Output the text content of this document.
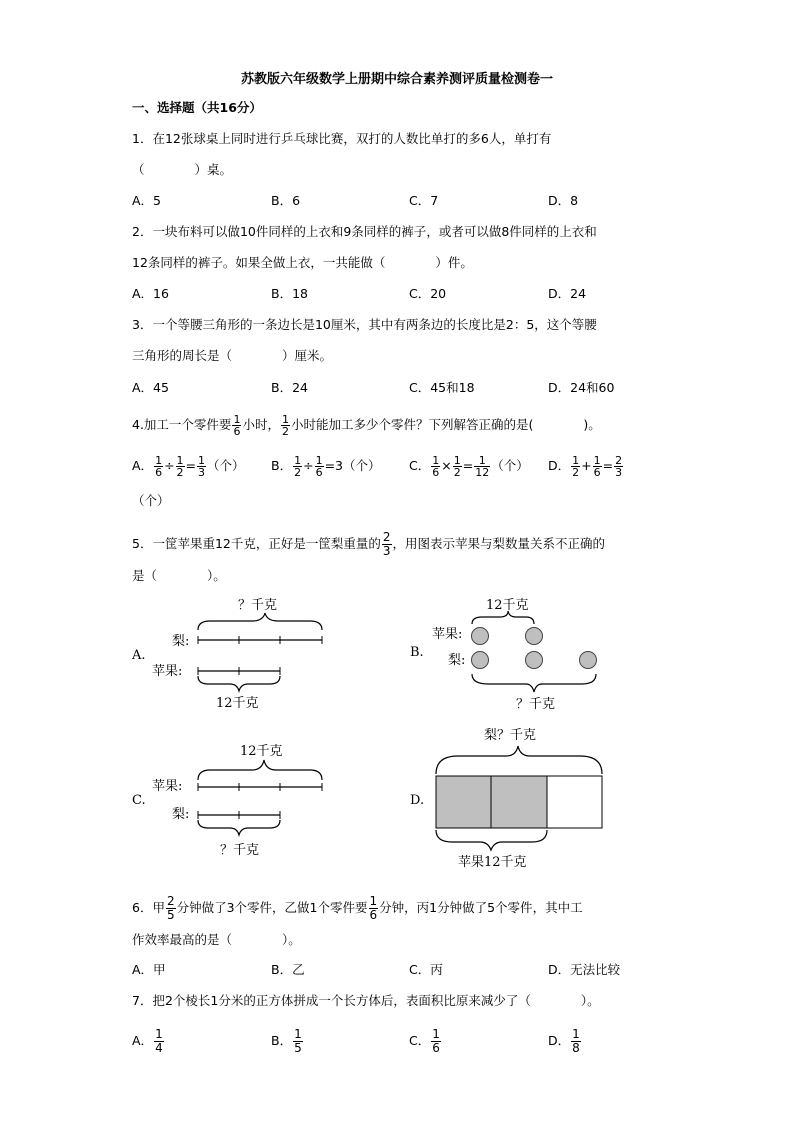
苏教版六年级数学上册期中综合素养测评质量检测卷一
一、选择题（共16分）
1．在12张球桌上同时进行乒乓球比赛，双打的人数比单打的多6人，单打有
（　　　　）桌。
A．5	B．6	C．7	D．8
2．一块布料可以做10件同样的上衣和9条同样的裤子，或者可以做8件同样的上衣和
12条同样的裤子。如果全做上衣，一共能做（　　　　）件。
A．16	B．18	C．20	D．24
3．一个等腰三角形的一条边长是10厘米，其中有两条边的长度比是2：5，这个等腰
三角形的周长是（　　　　）厘米。
A．45	B．24	C．45和18	D．24和60
4.加工一个零件要 $\frac{1}{6}$ 小时， $\frac{1}{2}$ 小时能加工多少个零件？下列解答正确的是(　　　　)。
A． $\frac{1}{6} \div \frac{1}{2} = \frac{1}{3}$ （个） B． $\frac{1}{2} \div \frac{1}{6} =3$（个） C． $\frac{1}{6} \times \frac{1}{2} = \frac{1}{12}$ （个） D． $\frac{1}{2} + \frac{1}{6} = \frac{2}{3}$
（个）
5．一筐苹果重12千克，正好是一筐梨重量的 $\frac{2}{3}$ ，用图表示苹果与梨数量关系不正确的
是（　　　　）。
A.
？千克
梨:
苹果:
12千克
B.
12千克
苹果:
梨:
？千克
C.
12千克
苹果:
梨:
？千克
D.
梨？千克
苹果12千克
6．甲 $\frac{2}{5}$ 分钟做了3个零件，乙做1个零件要 $\frac{1}{6}$ 分钟，丙1分钟做了5个零件，其中工
作效率最高的是（　　　　）。
A．甲	B．乙	C．丙	D．无法比较
7．把2个棱长1分米的正方体拼成一个长方体后，表面积比原来减少了（　　　　）。
A． $\frac{1}{4}$	B． $\frac{1}{5}$	C． $\frac{1}{6}$	D． $\frac{1}{8}$
